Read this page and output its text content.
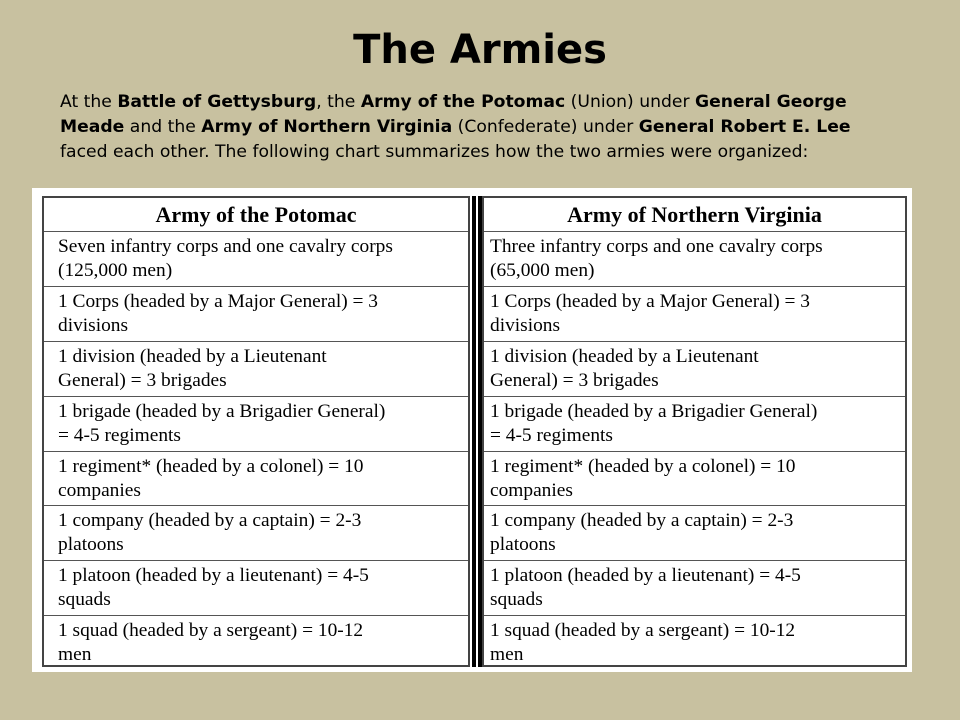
The Armies

At the Battle of Gettysburg, the Army of the Potomac (Union) under General George
Meade and the Army of Northern Virginia (Confederate) under General Robert E. Lee
faced each other. The following chart summarizes how the two armies were organized:

Army of the Potomac
Seven infantry corps and one cavalry corps
(125,000 men)
1 Corps (headed by a Major General) = 3
divisions
1 division (headed by a Lieutenant
General) = 3 brigades
1 brigade (headed by a Brigadier General)
= 4-5 regiments
1 regiment* (headed by a colonel) = 10
companies
1 company (headed by a captain) = 2-3
platoons
1 platoon (headed by a lieutenant) = 4-5
squads
1 squad (headed by a sergeant) = 10-12
men
Army of Northern Virginia
Three infantry corps and one cavalry corps
(65,000 men)
1 Corps (headed by a Major General) = 3
divisions
1 division (headed by a Lieutenant
General) = 3 brigades
1 brigade (headed by a Brigadier General)
= 4-5 regiments
1 regiment* (headed by a colonel) = 10
companies
1 company (headed by a captain) = 2-3
platoons
1 platoon (headed by a lieutenant) = 4-5
squads
1 squad (headed by a sergeant) = 10-12
men
